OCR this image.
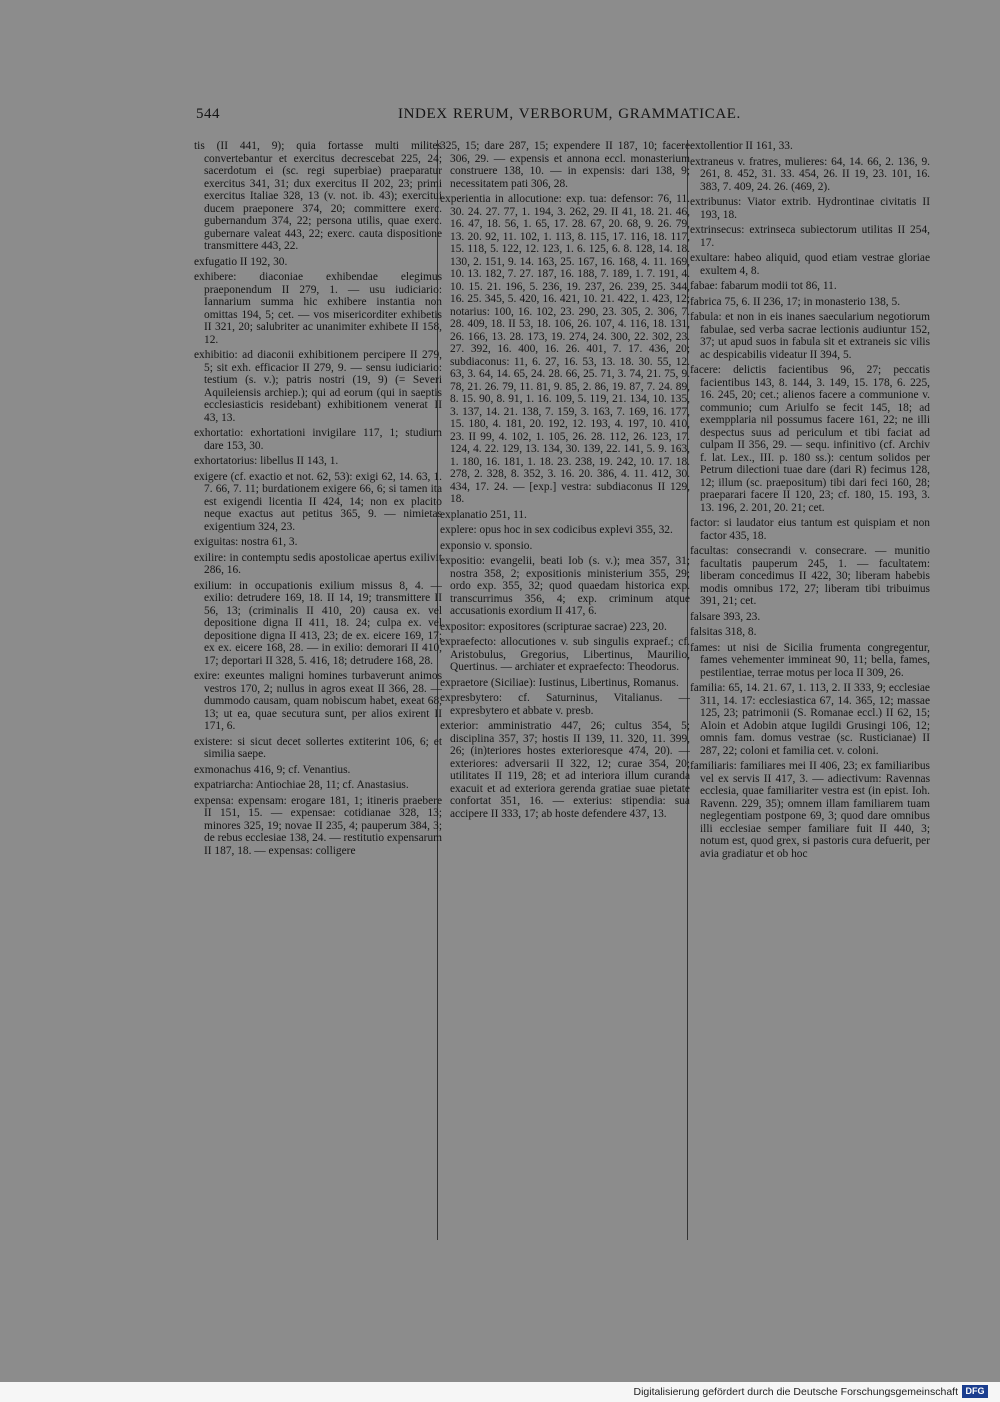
544	INDEX RERUM, VERBORUM, GRAMMATICAE.

tis (II 441, 9); quia fortasse multi milites convertebantur et exercitus decrescebat 225, 24; sacerdotum ei (sc. regi superbiae) praeparatur exercitus 341, 31; dux exercitus II 202, 23; primi exercitus Italiae 328, 13 (v. not. ib. 43); exercitui ducem praeponere 374, 20; committere exerc. gubernandum 374, 22; persona utilis, quae exerc. gubernare valeat 443, 22; exerc. cauta dispositione transmittere 443, 22.

exfugatio II 192, 30.

exhibere: diaconiae exhibendae elegimus praeponendum II 279, 1. — usu iudiciario: Iannarium summa hic exhibere instantia non omittas 194, 5; cet. — vos misericorditer exhibetis II 321, 20; salubriter ac unanimiter exhibete II 158, 12.

exhibitio: ad diaconii exhibitionem percipere II 279, 5; sit exh. efficacior II 279, 9. — sensu iudiciario: testium (s. v.); patris nostri (19, 9) (= Severi Aquileiensis archiep.); qui ad eorum (qui in saeptis ecclesiasticis residebant) exhibitionem venerat II 43, 13.

exhortatio: exhortationi invigilare 117, 1; studium dare 153, 30.

exhortatorius: libellus II 143, 1.

exigere (cf. exactio et not. 62, 53): exigi 62, 14. 63, 1. 7. 66, 7. 11; burdationem exigere 66, 6; si tamen ita est exigendi licentia II 424, 14; non ex placito neque exactus aut petitus 365, 9. — nimietas exigentium 324, 23.

exiguitas: nostra 61, 3.

exilire: in contemptu sedis apostolicae apertus exilivit 286, 16.

exilium: in occupationis exilium missus 8, 4. — exilio: detrudere 169, 18. II 14, 19; transmittere II 56, 13; (criminalis II 410, 20) causa ex. vel depositione digna II 411, 18. 24; culpa ex. vel depositione digna II 413, 23; de ex. eicere 169, 17; ex ex. eicere 168, 28. — in exilio: demorari II 410, 17; deportari II 328, 5. 416, 18; detrudere 168, 28.

exire: exeuntes maligni homines turbaverunt animos vestros 170, 2; nullus in agros exeat II 366, 28. — dummodo causam, quam nobiscum habet, exeat 68, 13; ut ea, quae secutura sunt, per alios exirent II 171, 6.

existere: si sicut decet sollertes extiterint 106, 6; et similia saepe.

exmonachus 416, 9; cf. Venantius.

expatriarcha: Antiochiae 28, 11; cf. Anastasius.

expensa: expensam: erogare 181, 1; itineris praebere II 151, 15. — expensae: cotidianae 328, 13; minores 325, 19; novae II 235, 4; pauperum 384, 3; de rebus ecclesiae 138, 24. — restitutio expensarum II 187, 18. — expensas: colligere

325, 15; dare 287, 15; expendere II 187, 10; facere 306, 29. — expensis et annona eccl. monasterium construere 138, 10. — in expensis: dari 138, 9; necessitatem pati 306, 28.

experientia in allocutione: exp. tua: defensor: 76, 11. 30. 24. 27. 77, 1. 194, 3. 262, 29. II 41, 18. 21. 46, 16. 47, 18. 56, 1. 65, 17. 28. 67, 20. 68, 9. 26. 79, 13. 20. 92, 11. 102, 1. 113, 8. 115, 17. 116, 18. 117, 15. 118, 5. 122, 12. 123, 1. 6. 125, 6. 8. 128, 14. 18. 130, 2. 151, 9. 14. 163, 25. 167, 16. 168, 4. 11. 169, 10. 13. 182, 7. 27. 187, 16. 188, 7. 189, 1. 7. 191, 4. 10. 15. 21. 196, 5. 236, 19. 237, 26. 239, 25. 344, 16. 25. 345, 5. 420, 16. 421, 10. 21. 422, 1. 423, 12; notarius: 100, 16. 102, 23. 290, 23. 305, 2. 306, 7. 28. 409, 18. II 53, 18. 106, 26. 107, 4. 116, 18. 131, 26. 166, 13. 28. 173, 19. 274, 24. 300, 22. 302, 23. 27. 392, 16. 400, 16. 26. 401, 7. 17. 436, 20; subdiaconus: 11, 6. 27, 16. 53, 13. 18. 30. 55, 12. 63, 3. 64, 14. 65, 24. 28. 66, 25. 71, 3. 74, 21. 75, 9. 78, 21. 26. 79, 11. 81, 9. 85, 2. 86, 19. 87, 7. 24. 89, 8. 15. 90, 8. 91, 1. 16. 109, 5. 119, 21. 134, 10. 135, 3. 137, 14. 21. 138, 7. 159, 3. 163, 7. 169, 16. 177, 15. 180, 4. 181, 20. 192, 12. 193, 4. 197, 10. 410, 23. II 99, 4. 102, 1. 105, 26. 28. 112, 26. 123, 17. 124, 4. 22. 129, 13. 134, 30. 139, 22. 141, 5. 9. 163, 1. 180, 16. 181, 1. 18. 23. 238, 19. 242, 10. 17. 18. 278, 2. 328, 8. 352, 3. 16. 20. 386, 4. 11. 412, 30. 434, 17. 24. — [exp.] vestra: subdiaconus II 129, 18.

explanatio 251, 11.

explere: opus hoc in sex codicibus explevi 355, 32.

exponsio v. sponsio.

expositio: evangelii, beati Iob (s. v.); mea 357, 31; nostra 358, 2; expositionis ministerium 355, 29; ordo exp. 355, 32; quod quaedam historica exp. transcurrimus 356, 4; exp. criminum atque accusationis exordium II 417, 6.

expositor: expositores (scripturae sacrae) 223, 20.

expraefecto: allocutiones v. sub singulis expraef.; cf. Aristobulus, Gregorius, Libertinus, Maurilio, Quertinus. — archiater et expraefecto: Theodorus.

expraetore (Siciliae): Iustinus, Libertinus, Romanus.

expresbytero: cf. Saturninus, Vitalianus. — expresbytero et abbate v. presb.

exterior: amministratio 447, 26; cultus 354, 5; disciplina 357, 37; hostis II 139, 11. 320, 11. 399, 26; (in)teriores hostes exterioresque 474, 20). — exteriores: adversarii II 322, 12; curae 354, 20; utilitates II 119, 28; et ad interiora illum curanda exacuit et ad exteriora gerenda gratiae suae pietate confortat 351, 16. — exterius: stipendia: sua accipere II 333, 17; ab hoste defendere 437, 13.

extollentior II 161, 33.

extraneus v. fratres, mulieres: 64, 14. 66, 2. 136, 9. 261, 8. 452, 31. 33. 454, 26. II 19, 23. 101, 16. 383, 7. 409, 24. 26. (469, 2).

extribunus: Viator extrib. Hydrontinae civitatis II 193, 18.

extrinsecus: extrinseca subiectorum utilitas II 254, 17.

exultare: habeo aliquid, quod etiam vestrae gloriae exultem 4, 8.

fabae: fabarum modii tot 86, 11.

fabrica 75, 6. II 236, 17; in monasterio 138, 5.

fabula: et non in eis inanes saecularium negotiorum fabulae, sed verba sacrae lectionis audiuntur 152, 37; ut apud suos in fabula sit et extraneis sic vilis ac despicabilis videatur II 394, 5.

facere: delictis facientibus 96, 27; peccatis facientibus 143, 8. 144, 3. 149, 15. 178, 6. 225, 16. 245, 20; cet.; alienos facere a communione v. communio; cum Ariulfo se fecit 145, 18; ad exempplaria nil possumus facere 161, 22; ne illi despectus suus ad periculum et tibi faciat ad culpam II 356, 29. — sequ. infinitivo (cf. Archiv f. lat. Lex., III. p. 180 ss.): centum solidos per Petrum dilectioni tuae dare (dari R) fecimus 128, 12; illum (sc. praepositum) tibi dari feci 160, 28; praeparari facere II 120, 23; cf. 180, 15. 193, 3. 13. 196, 2. 201, 20. 21; cet.

factor: si laudator eius tantum est quispiam et non factor 435, 18.

facultas: consecrandi v. consecrare. — munitio facultatis pauperum 245, 1. — facultatem: liberam concedimus II 422, 30; liberam habebis modis omnibus 172, 27; liberam tibi tribuimus 391, 21; cet.

falsare 393, 23.

falsitas 318, 8.

fames: ut nisi de Sicilia frumenta congregentur, fames vehementer immineat 90, 11; bella, fames, pestilentiae, terrae motus per loca II 309, 26.

familia: 65, 14. 21. 67, 1. 113, 2. II 333, 9; ecclesiae 311, 14. 17: ecclesiastica 67, 14. 365, 12; massae 125, 23; patrimonii (S. Romanae eccl.) II 62, 15; Aloin et Adobin atque Iugildi Grusingi 106, 12; omnis fam. domus vestrae (sc. Rusticianae) II 287, 22; coloni et familia cet. v. coloni.

familiaris: familiares mei II 406, 23; ex familiaribus vel ex servis II 417, 3. — adiectivum: Ravennas ecclesia, quae familiariter vestra est (in epist. Ioh. Ravenn. 229, 35); omnem illam familiarem tuam neglegentiam postpone 69, 3; quod dare omnibus illi ecclesiae semper familiare fuit II 440, 3; notum est, quod grex, si pastoris cura defuerit, per avia gradiatur et ob hoc

Digitalisierung gefördert durch die Deutsche Forschungsgemeinschaft DFG
